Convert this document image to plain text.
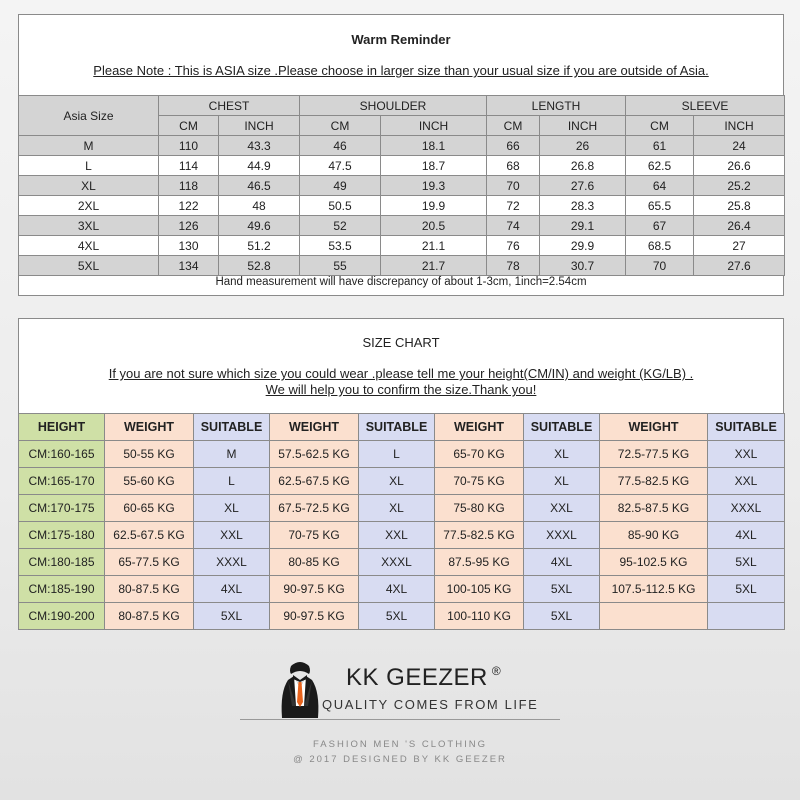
Warm Reminder
Please Note : This is ASIA size .Please choose in larger size than your usual size if you are outside of Asia.
Asia Size	CHEST		SHOULDER		LENGTH		SLEEVE	
	CM	INCH	CM	INCH	CM	INCH	CM	INCH
M	110	43.3	46	18.1	66	26	61	24
L	114	44.9	47.5	18.7	68	26.8	62.5	26.6
XL	118	46.5	49	19.3	70	27.6	64	25.2
2XL	122	48	50.5	19.9	72	28.3	65.5	25.8
3XL	126	49.6	52	20.5	74	29.1	67	26.4
4XL	130	51.2	53.5	21.1	76	29.9	68.5	27
5XL	134	52.8	55	21.7	78	30.7	70	27.6
Hand measurement will have discrepancy of about 1-3cm, 1inch=2.54cm
SIZE CHART
If you are not sure which size you could wear .please tell me your height(CM/IN) and weight (KG/LB) .
We will help you to confirm the size.Thank you!
HEIGHT	WEIGHT	SUITABLE	WEIGHT	SUITABLE	WEIGHT	SUITABLE	WEIGHT	SUITABLE
CM:160-165	50-55 KG	M	57.5-62.5 KG	L	65-70 KG	XL	72.5-77.5 KG	XXL
CM:165-170	55-60 KG	L	62.5-67.5 KG	XL	70-75 KG	XL	77.5-82.5 KG	XXL
CM:170-175	60-65 KG	XL	67.5-72.5 KG	XL	75-80 KG	XXL	82.5-87.5 KG	XXXL
CM:175-180	62.5-67.5 KG	XXL	70-75 KG	XXL	77.5-82.5 KG	XXXL	85-90 KG	4XL
CM:180-185	65-77.5 KG	XXXL	80-85 KG	XXXL	87.5-95 KG	4XL	95-102.5 KG	5XL
CM:185-190	80-87.5 KG	4XL	90-97.5 KG	4XL	100-105 KG	5XL	107.5-112.5 KG	5XL
CM:190-200	80-87.5 KG	5XL	90-97.5 KG	5XL	100-110 KG	5XL		
KK GEEZER ®
QUALITY COMES FROM LIFE
FASHION MEN 'S CLOTHING
@ 2017 DESIGNED BY KK GEEZER
